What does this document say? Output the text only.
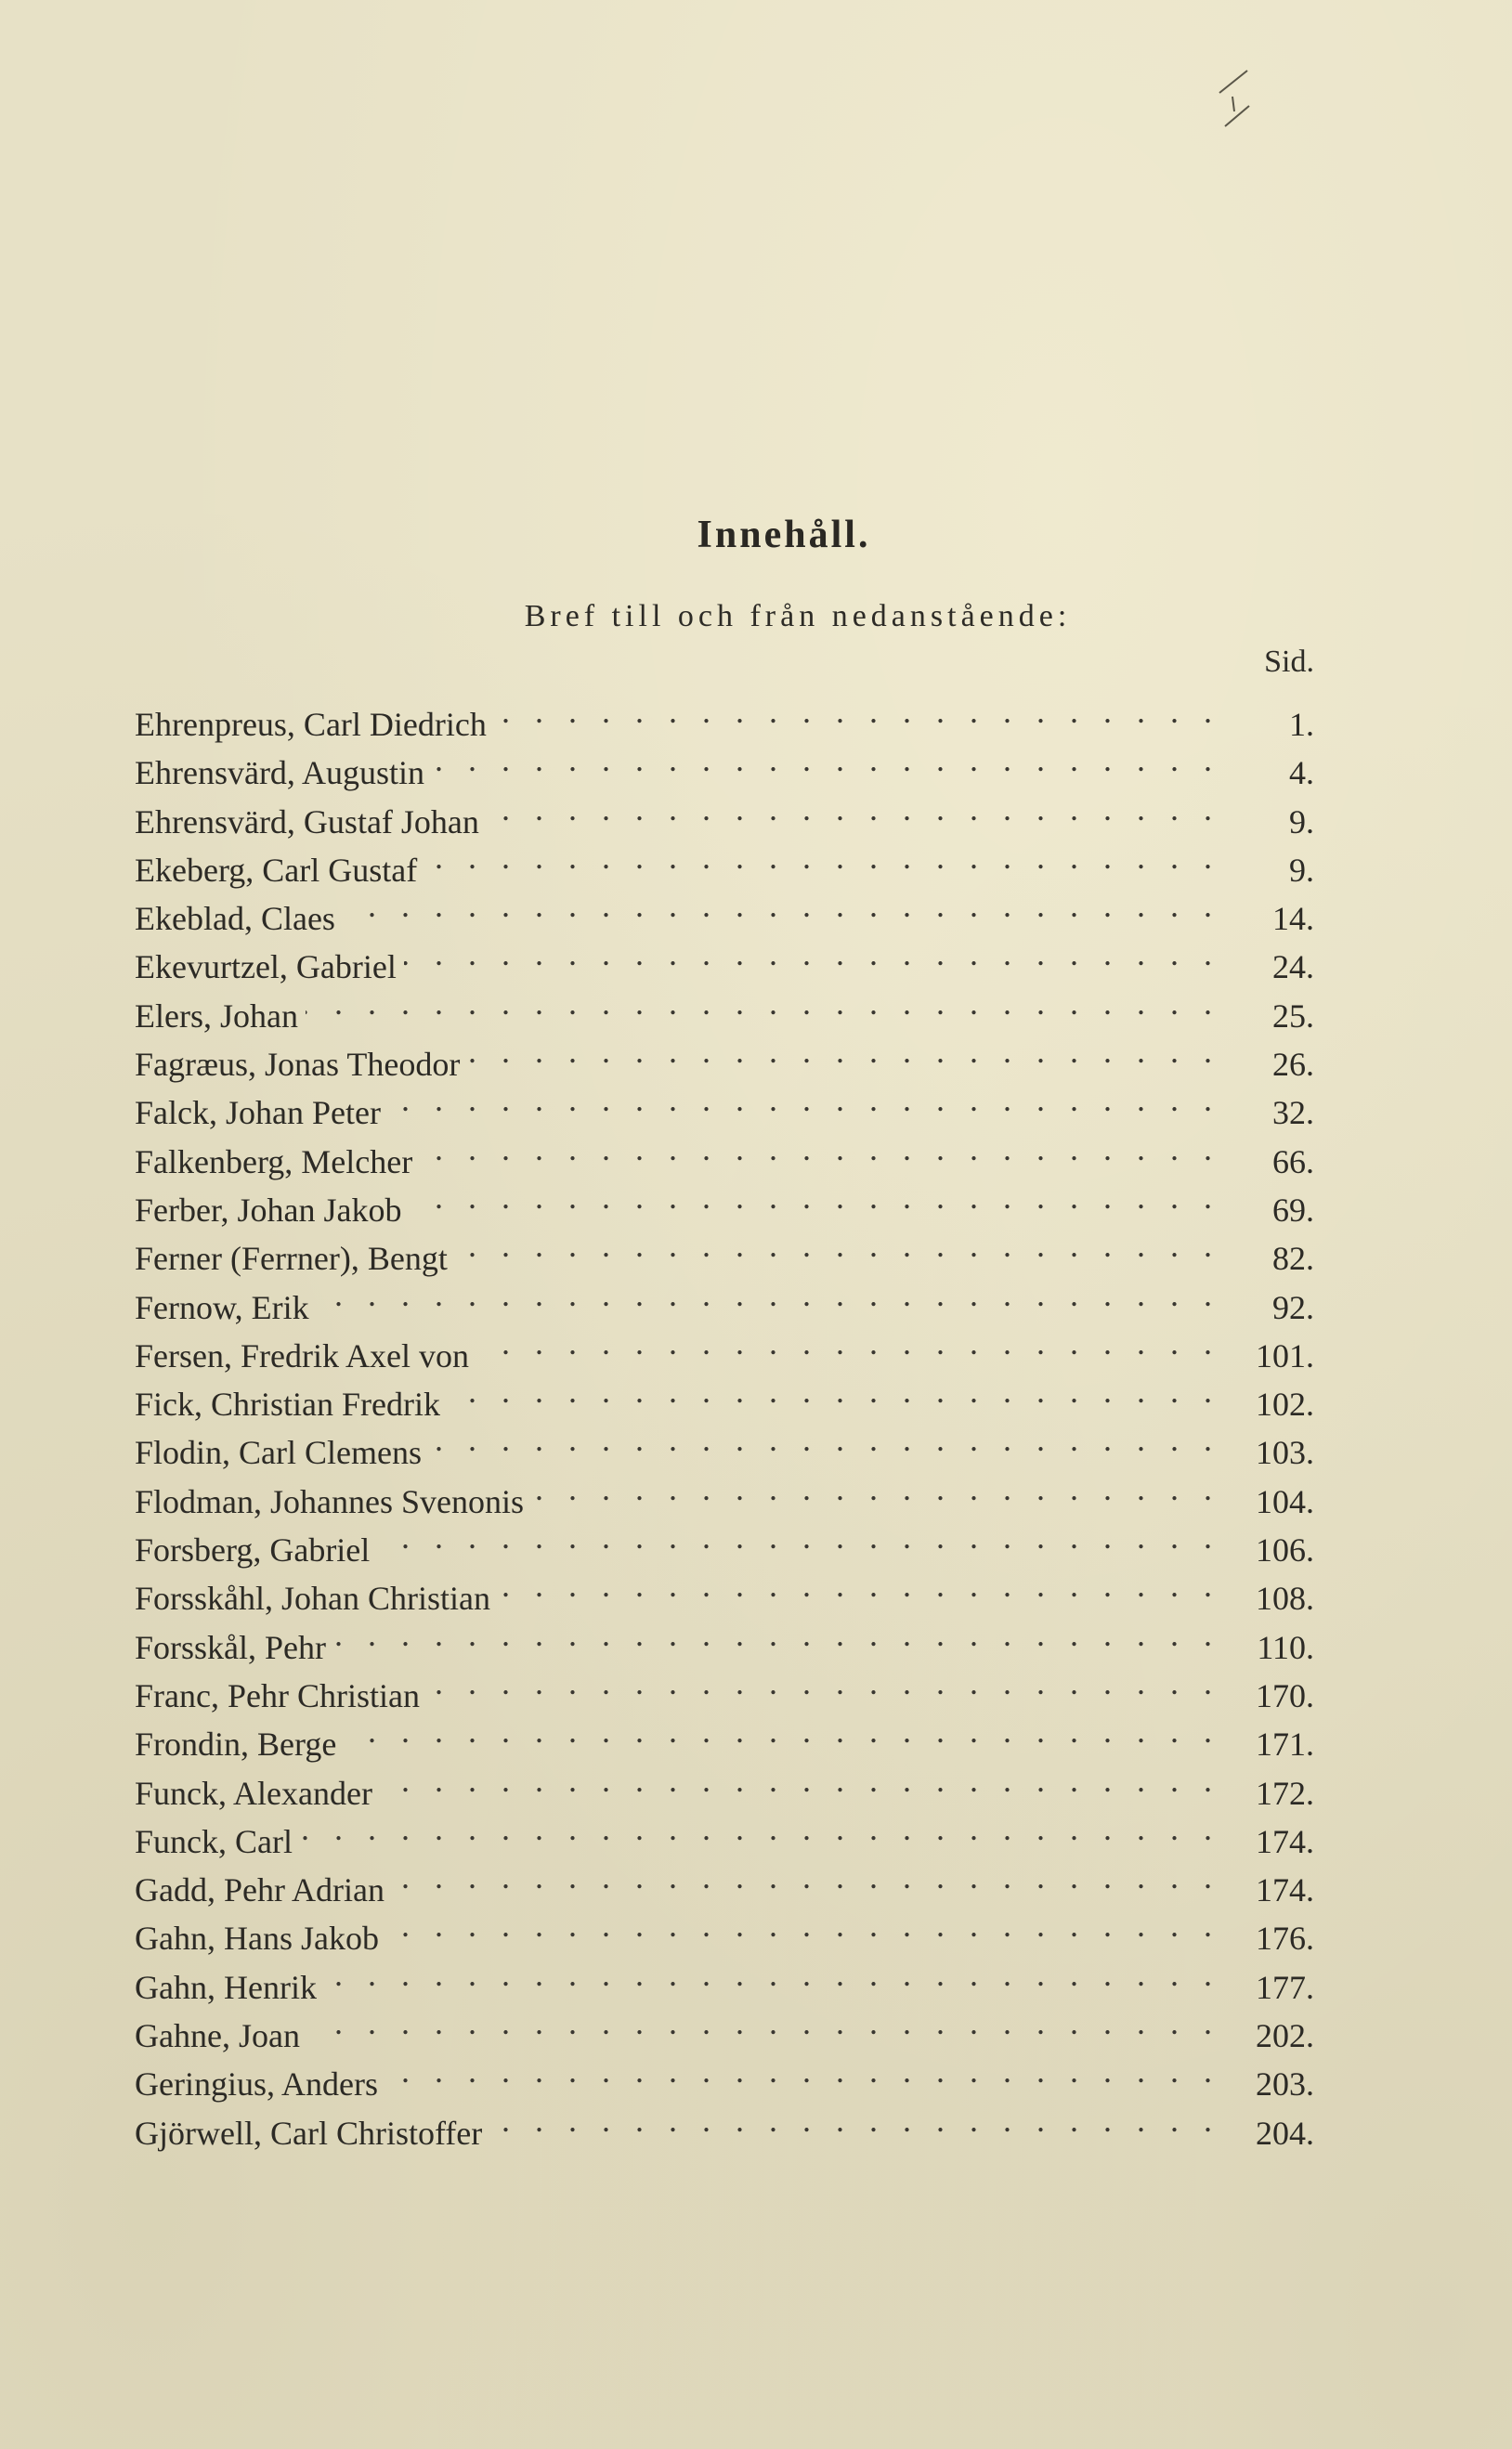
Innehåll.
Bref till och från nedanstående:
Sid.
Ehrenpreus, Carl Diedrich . . .	1.
Ehrensvärd, Augustin . . .	4.
Ehrensvärd, Gustaf Johan . . .	9.
Ekeberg, Carl Gustaf . . .	9.
Ekeblad, Claes . . .	14.
Ekevurtzel, Gabriel . . .	24.
Elers, Johan . . .	25.
Fagræus, Jonas Theodor . . .	26.
Falck, Johan Peter . . .	32.
Falkenberg, Melcher . . .	66.
Ferber, Johan Jakob . . .	69.
Ferner (Ferrner), Bengt . . .	82.
Fernow, Erik . . .	92.
Fersen, Fredrik Axel von . . .	101.
Fick, Christian Fredrik . . .	102.
Flodin, Carl Clemens . . .	103.
Flodman, Johannes Svenonis . . .	104.
Forsberg, Gabriel . . .	106.
Forsskåhl, Johan Christian . . .	108.
Forsskål, Pehr . . .	110.
Franc, Pehr Christian . . .	170.
Frondin, Berge . . .	171.
Funck, Alexander . . .	172.
Funck, Carl . . .	174.
Gadd, Pehr Adrian . . .	174.
Gahn, Hans Jakob . . .	176.
Gahn, Henrik . . .	177.
Gahne, Joan . . .	202.
Geringius, Anders . . .	203.
Gjörwell, Carl Christoffer . . .	204.
